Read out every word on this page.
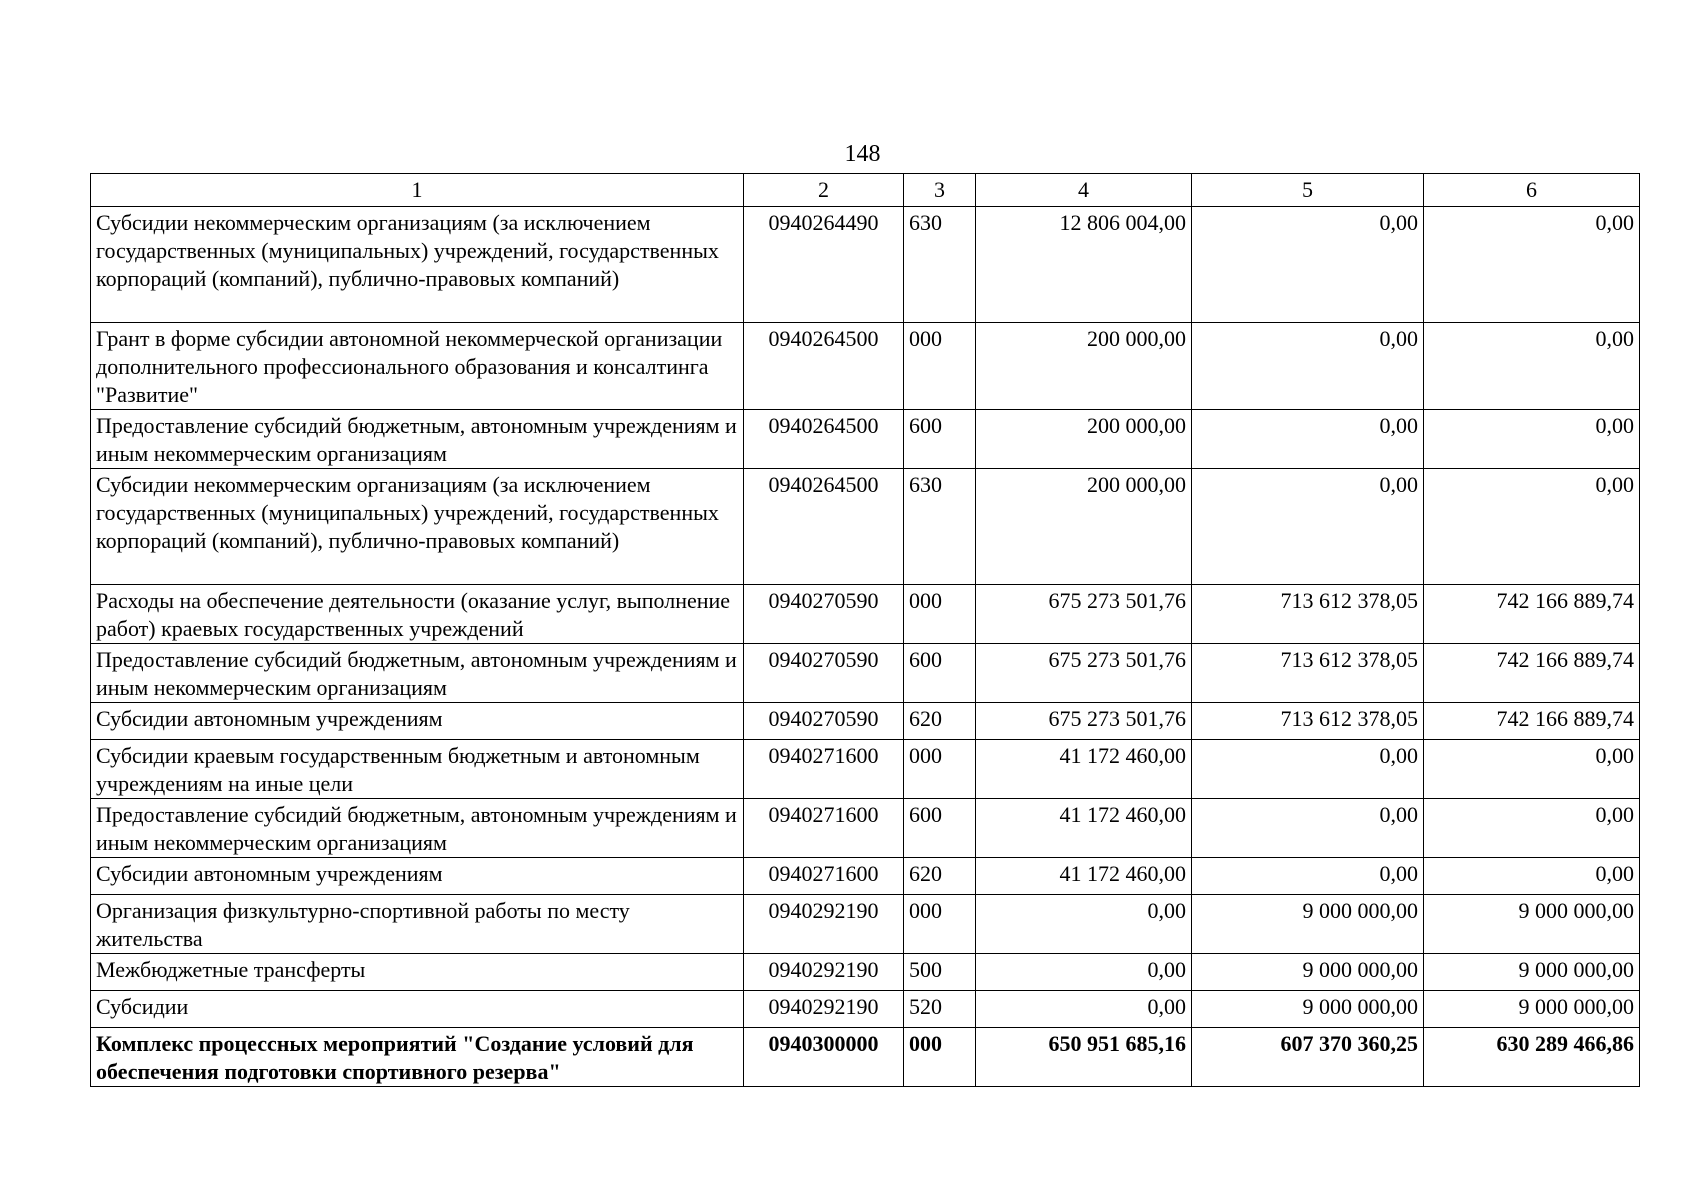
148
1	2	3	4	5	6
Субсидии некоммерческим организациям (за исключением государственных (муниципальных) учреждений, государственных корпораций (компаний), публично-правовых компаний)	0940264490	630	12 806 004,00	0,00	0,00
Грант в форме субсидии автономной некоммерческой организации дополнительного профессионального образования и консалтинга "Развитие"	0940264500	000	200 000,00	0,00	0,00
Предоставление субсидий бюджетным, автономным учреждениям и иным некоммерческим организациям	0940264500	600	200 000,00	0,00	0,00
Субсидии некоммерческим организациям (за исключением государственных (муниципальных) учреждений, государственных корпораций (компаний), публично-правовых компаний)	0940264500	630	200 000,00	0,00	0,00
Расходы на обеспечение деятельности (оказание услуг, выполнение работ) краевых государственных учреждений	0940270590	000	675 273 501,76	713 612 378,05	742 166 889,74
Предоставление субсидий бюджетным, автономным учреждениям и иным некоммерческим организациям	0940270590	600	675 273 501,76	713 612 378,05	742 166 889,74
Субсидии автономным учреждениям	0940270590	620	675 273 501,76	713 612 378,05	742 166 889,74
Субсидии краевым государственным бюджетным и автономным учреждениям на иные цели	0940271600	000	41 172 460,00	0,00	0,00
Предоставление субсидий бюджетным, автономным учреждениям и иным некоммерческим организациям	0940271600	600	41 172 460,00	0,00	0,00
Субсидии автономным учреждениям	0940271600	620	41 172 460,00	0,00	0,00
Организация физкультурно-спортивной работы по месту жительства	0940292190	000	0,00	9 000 000,00	9 000 000,00
Межбюджетные трансферты	0940292190	500	0,00	9 000 000,00	9 000 000,00
Субсидии	0940292190	520	0,00	9 000 000,00	9 000 000,00
Комплекс процессных мероприятий "Создание условий для обеспечения подготовки спортивного резерва"	0940300000	000	650 951 685,16	607 370 360,25	630 289 466,86
